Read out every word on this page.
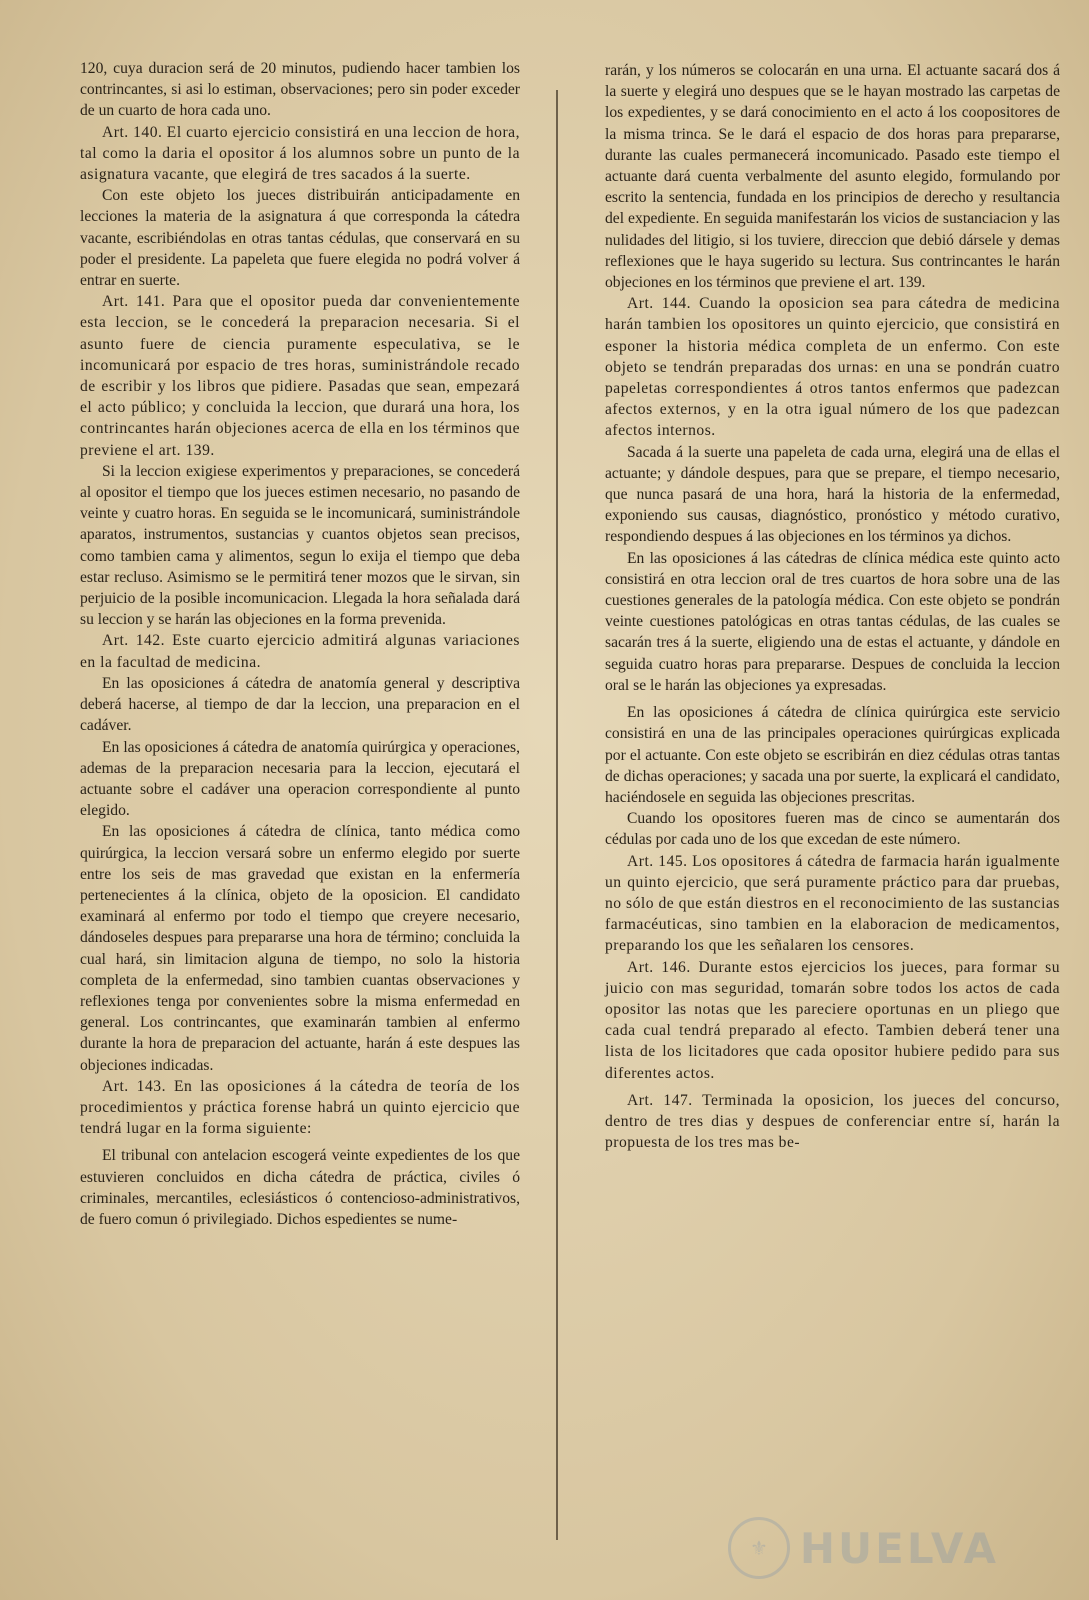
120, cuya duracion será de 20 minutos, pudiendo hacer tambien los contrincantes, si asi lo estiman, observaciones; pero sin poder exceder de un cuarto de hora cada uno.

Art. 140. El cuarto ejercicio consistirá en una leccion de hora, tal como la daria el opositor á los alumnos sobre un punto de la asignatura vacante, que elegirá de tres sacados á la suerte.

Con este objeto los jueces distribuirán anticipadamente en lecciones la materia de la asignatura á que corresponda la cátedra vacante, escribiéndolas en otras tantas cédulas, que conservará en su poder el presidente. La papeleta que fuere elegida no podrá volver á entrar en suerte.

Art. 141. Para que el opositor pueda dar convenientemente esta leccion, se le concederá la preparacion necesaria. Si el asunto fuere de ciencia puramente especulativa, se le incomunicará por espacio de tres horas, suministrándole recado de escribir y los libros que pidiere. Pasadas que sean, empezará el acto público; y concluida la leccion, que durará una hora, los contrincantes harán objeciones acerca de ella en los términos que previene el art. 139.

Si la leccion exigiese experimentos y preparaciones, se concederá al opositor el tiempo que los jueces estimen necesario, no pasando de veinte y cuatro horas. En seguida se le incomunicará, suministrándole aparatos, instrumentos, sustancias y cuantos objetos sean precisos, como tambien cama y alimentos, segun lo exija el tiempo que deba estar recluso. Asimismo se le permitirá tener mozos que le sirvan, sin perjuicio de la posible incomunicacion. Llegada la hora señalada dará su leccion y se harán las objeciones en la forma prevenida.

Art. 142. Este cuarto ejercicio admitirá algunas variaciones en la facultad de medicina.

En las oposiciones á cátedra de anatomía general y descriptiva deberá hacerse, al tiempo de dar la leccion, una preparacion en el cadáver.

En las oposiciones á cátedra de anatomía quirúrgica y operaciones, ademas de la preparacion necesaria para la leccion, ejecutará el actuante sobre el cadáver una operacion correspondiente al punto elegido.

En las oposiciones á cátedra de clínica, tanto médica como quirúrgica, la leccion versará sobre un enfermo elegido por suerte entre los seis de mas gravedad que existan en la enfermería pertenecientes á la clínica, objeto de la oposicion. El candidato examinará al enfermo por todo el tiempo que creyere necesario, dándoseles despues para prepararse una hora de término; concluida la cual hará, sin limitacion alguna de tiempo, no solo la historia completa de la enfermedad, sino tambien cuantas observaciones y reflexiones tenga por convenientes sobre la misma enfermedad en general. Los contrincantes, que examinarán tambien al enfermo durante la hora de preparacion del actuante, harán á este despues las objeciones indicadas.

Art. 143. En las oposiciones á la cátedra de teoría de los procedimientos y práctica forense habrá un quinto ejercicio que tendrá lugar en la forma siguiente:

El tribunal con antelacion escogerá veinte expedientes de los que estuvieren concluidos en dicha cátedra de práctica, civiles ó criminales, mercantiles, eclesiásticos ó contencioso-administrativos, de fuero comun ó privilegiado. Dichos espedientes se nume-

rarán, y los números se colocarán en una urna. El actuante sacará dos á la suerte y elegirá uno despues que se le hayan mostrado las carpetas de los expedientes, y se dará conocimiento en el acto á los coopositores de la misma trinca. Se le dará el espacio de dos horas para prepararse, durante las cuales permanecerá incomunicado. Pasado este tiempo el actuante dará cuenta verbalmente del asunto elegido, formulando por escrito la sentencia, fundada en los principios de derecho y resultancia del expediente. En seguida manifestarán los vicios de sustanciacion y las nulidades del litigio, si los tuviere, direccion que debió dársele y demas reflexiones que le haya sugerido su lectura. Sus contrincantes le harán objeciones en los términos que previene el art. 139.

Art. 144. Cuando la oposicion sea para cátedra de medicina harán tambien los opositores un quinto ejercicio, que consistirá en esponer la historia médica completa de un enfermo. Con este objeto se tendrán preparadas dos urnas: en una se pondrán cuatro papeletas correspondientes á otros tantos enfermos que padezcan afectos externos, y en la otra igual número de los que padezcan afectos internos.

Sacada á la suerte una papeleta de cada urna, elegirá una de ellas el actuante; y dándole despues, para que se prepare, el tiempo necesario, que nunca pasará de una hora, hará la historia de la enfermedad, exponiendo sus causas, diagnóstico, pronóstico y método curativo, respondiendo despues á las objeciones en los términos ya dichos.

En las oposiciones á las cátedras de clínica médica este quinto acto consistirá en otra leccion oral de tres cuartos de hora sobre una de las cuestiones generales de la patología médica. Con este objeto se pondrán veinte cuestiones patológicas en otras tantas cédulas, de las cuales se sacarán tres á la suerte, eligiendo una de estas el actuante, y dándole en seguida cuatro horas para prepararse. Despues de concluida la leccion oral se le harán las objeciones ya expresadas.

En las oposiciones á cátedra de clínica quirúrgica este servicio consistirá en una de las principales operaciones quirúrgicas explicada por el actuante. Con este objeto se escribirán en diez cédulas otras tantas de dichas operaciones; y sacada una por suerte, la explicará el candidato, haciéndosele en seguida las objeciones prescritas.

Cuando los opositores fueren mas de cinco se aumentarán dos cédulas por cada uno de los que excedan de este número.

Art. 145. Los opositores á cátedra de farmacia harán igualmente un quinto ejercicio, que será puramente práctico para dar pruebas, no sólo de que están diestros en el reconocimiento de las sustancias farmacéuticas, sino tambien en la elaboracion de medicamentos, preparando los que les señalaren los censores.

Art. 146. Durante estos ejercicios los jueces, para formar su juicio con mas seguridad, tomarán sobre todos los actos de cada opositor las notas que les pareciere oportunas en un pliego que cada cual tendrá preparado al efecto. Tambien deberá tener una lista de los licitadores que cada opositor hubiere pedido para sus diferentes actos.

Art. 147. Terminada la oposicion, los jueces del concurso, dentro de tres dias y despues de conferenciar entre sí, harán la propuesta de los tres mas be-

⚜ HUELVA
